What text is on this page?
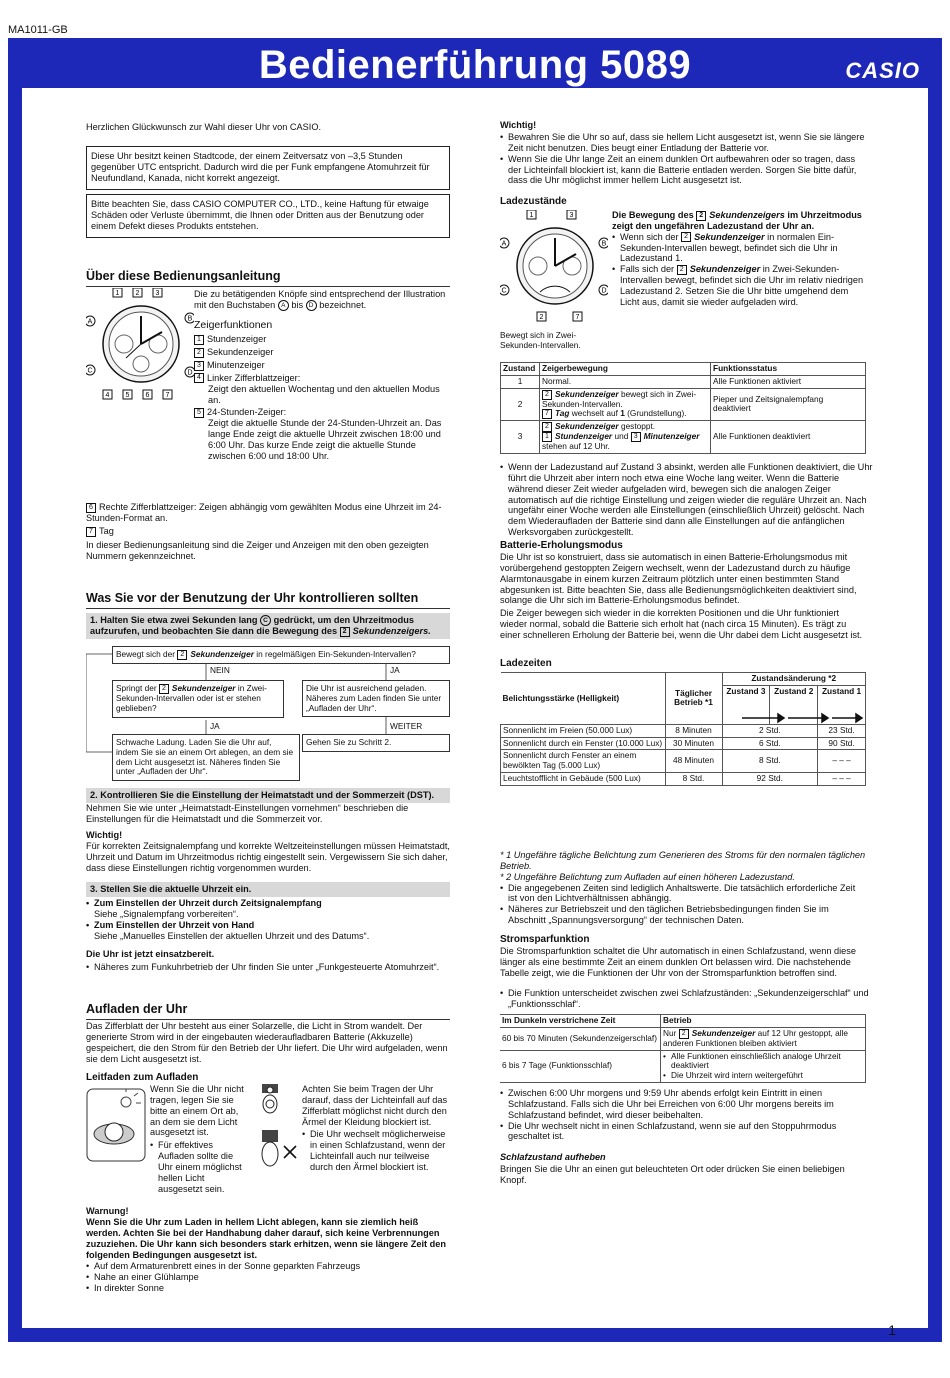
MA1011-GB
Bedienerführung 5089	CASIO

Herzlichen Glückwunsch zur Wahl dieser Uhr von CASIO.

Diese Uhr besitzt keinen Stadtcode, der einem Zeitversatz von –3,5 Stunden gegenüber UTC entspricht. Dadurch wird die per Funk empfangene Atomuhrzeit für Neufundland, Kanada, nicht korrekt angezeigt.

Bitte beachten Sie, dass CASIO COMPUTER CO., LTD., keine Haftung für etwaige Schäden oder Verluste übernimmt, die Ihnen oder Dritten aus der Benutzung oder einem Defekt dieses Produkts entstehen.

Über diese Bedienungsanleitung
1 2 3
A	B
C	D
4 5 6 7

Die zu betätigenden Knöpfe sind entsprechend der Illustration mit den Buchstaben A bis D bezeichnet.

Zeigerfunktionen

1 Stundenzeiger

2 Sekundenzeiger

3 Minutenzeiger

4 Linker Zifferblattzeiger:

Zeigt den aktuellen Wochentag und den aktuellen Modus an.

5 24-Stunden-Zeiger:

Zeigt die aktuelle Stunde der 24-Stunden-Uhrzeit an. Das lange Ende zeigt die aktuelle Uhrzeit zwischen 18:00 und 6:00 Uhr. Das kurze Ende zeigt die aktuelle Stunde zwischen 6:00 und 18:00 Uhr.

6 Rechte Zifferblattzeiger: Zeigen abhängig vom gewählten Modus eine Uhrzeit im 24-Stunden-Format an.

7 Tag

In dieser Bedienungsanleitung sind die Zeiger und Anzeigen mit den oben gezeigten Nummern gekennzeichnet.

Was Sie vor der Benutzung der Uhr kontrollieren sollten
1. Halten Sie etwa zwei Sekunden lang C gedrückt, um den Uhrzeitmodus aufzurufen, und beobachten Sie dann die Bewegung des 2 Sekundenzeigers.
Bewegt sich der 2 Sekundenzeiger in regelmäßigen Ein-Sekunden-Intervallen?

NEIN	JA

Springt der 2 Sekundenzeiger in Zwei-Sekunden-Intervallen oder ist er stehen geblieben?
Die Uhr ist ausreichend geladen. Näheres zum Laden finden Sie unter „Aufladen der Uhr“.

JA	WEITER

Schwache Ladung. Laden Sie die Uhr auf, indem Sie sie an einem Ort ablegen, an dem sie dem Licht ausgesetzt ist. Näheres finden Sie unter „Aufladen der Uhr“.
Gehen Sie zu Schritt 2.
2. Kontrollieren Sie die Einstellung der Heimatstadt und der Sommerzeit (DST).

Nehmen Sie wie unter „Heimatstadt-Einstellungen vornehmen“ beschrieben die Einstellungen für die Heimatstadt und die Sommerzeit vor.

Wichtig!

Für korrekten Zeitsignalempfang und korrekte Weltzeiteinstellungen müssen Heimatstadt, Uhrzeit und Datum im Uhrzeitmodus richtig eingestellt sein. Vergewissern Sie sich daher, dass diese Einstellungen richtig vorgenommen wurden.

3. Stellen Sie die aktuelle Uhrzeit ein.

• Zum Einstellen der Uhrzeit durch Zeitsignalempfang

Siehe „Signalempfang vorbereiten“.

• Zum Einstellen der Uhrzeit von Hand

Siehe „Manuelles Einstellen der aktuellen Uhrzeit und des Datums“.

Die Uhr ist jetzt einsatzbereit.

• Näheres zum Funkuhrbetrieb der Uhr finden Sie unter „Funkgesteuerte Atomuhrzeit“.

Aufladen der Uhr

Das Zifferblatt der Uhr besteht aus einer Solarzelle, die Licht in Strom wandelt. Der generierte Strom wird in der eingebauten wiederaufladbaren Batterie (Akkuzelle) gespeichert, die den Strom für den Betrieb der Uhr liefert. Die Uhr wird aufgeladen, wenn sie dem Licht ausgesetzt ist.

Leitfaden zum Aufladen

Wenn Sie die Uhr nicht tragen, legen Sie sie bitte an einem Ort ab, an dem sie dem Licht ausgesetzt ist.

• Für effektives Aufladen sollte die Uhr einem möglichst hellen Licht ausgesetzt sein.

Achten Sie beim Tragen der Uhr darauf, dass der Lichteinfall auf das Zifferblatt möglichst nicht durch den Ärmel der Kleidung blockiert ist.

• Die Uhr wechselt möglicherweise in einen Schlafzustand, wenn der Lichteinfall auch nur teilweise durch den Ärmel blockiert ist.

Warnung!

Wenn Sie die Uhr zum Laden in hellem Licht ablegen, kann sie ziemlich heiß werden. Achten Sie bei der Handhabung daher darauf, sich keine Verbrennungen zuzuziehen. Die Uhr kann sich besonders stark erhitzen, wenn sie längere Zeit den folgenden Bedingungen ausgesetzt ist.

• Auf dem Armaturenbrett eines in der Sonne geparkten Fahrzeugs

• Nahe an einer Glühlampe

• In direkter Sonne

Wichtig!

• Bewahren Sie die Uhr so auf, dass sie hellem Licht ausgesetzt ist, wenn Sie sie längere Zeit nicht benutzen. Dies beugt einer Entladung der Batterie vor.

• Wenn Sie die Uhr lange Zeit an einem dunklen Ort aufbewahren oder so tragen, dass der Lichteinfall blockiert ist, kann die Batterie entladen werden. Sorgen Sie bitte dafür, dass die Uhr möglichst immer hellem Licht ausgesetzt ist.

Ladezustände
1	3
A	B
C	D
2	7

Bewegt sich in Zwei-Sekunden-Intervallen.

Die Bewegung des 2 Sekundenzeigers im Uhrzeitmodus zeigt den ungefähren Ladezustand der Uhr an.

• Wenn sich der 2 Sekundenzeiger in normalen Ein-Sekunden-Intervallen bewegt, befindet sich die Uhr in Ladezustand 1.

• Falls sich der 2 Sekundenzeiger in Zwei-Sekunden-Intervallen bewegt, befindet sich die Uhr im relativ niedrigen Ladezustand 2. Setzen Sie die Uhr bitte umgehend dem Licht aus, damit sie wieder aufgeladen wird.

Zustand	Zeigerbewegung	Funktionsstatus
1	Normal.	Alle Funktionen aktiviert
2	2 Sekundenzeiger bewegt sich in Zwei-Sekunden-Intervallen.
7 Tag wechselt auf 1 (Grundstellung).	Pieper und Zeitsignalempfang deaktiviert
3	2 Sekundenzeiger gestoppt.
1 Stundenzeiger und 3 Minutenzeiger stehen auf 12 Uhr.	Alle Funktionen deaktiviert

• Wenn der Ladezustand auf Zustand 3 absinkt, werden alle Funktionen deaktiviert, die Uhr führt die Uhrzeit aber intern noch etwa eine Woche lang weiter. Wenn die Batterie während dieser Zeit wieder aufgeladen wird, bewegen sich die analogen Zeiger automatisch auf die richtige Einstellung und zeigen wieder die reguläre Uhrzeit an. Nach ungefähr einer Woche werden alle Einstellungen (einschließlich Uhrzeit) gelöscht. Nach dem Wiederaufladen der Batterie sind dann alle Einstellungen auf die anfänglichen Werksvorgaben zurückgestellt.

Batterie-Erholungsmodus

Die Uhr ist so konstruiert, dass sie automatisch in einen Batterie-Erholungsmodus mit vorübergehend gestoppten Zeigern wechselt, wenn der Ladezustand durch zu häufige Alarmtonausgabe in einem kurzen Zeitraum plötzlich unter einen bestimmten Stand abgesunken ist. Bitte beachten Sie, dass alle Bedienungsmöglichkeiten deaktiviert sind, solange die Uhr sich im Batterie-Erholungsmodus befindet.

Die Zeiger bewegen sich wieder in die korrekten Positionen und die Uhr funktioniert wieder normal, sobald die Batterie sich erholt hat (nach circa 15 Minuten). Es trägt zu einer schnelleren Erholung der Batterie bei, wenn die Uhr dabei dem Licht ausgesetzt ist.

Ladezeiten
Belichtungsstärke (Helligkeit)	Täglicher Betrieb *1	Zustandsänderung *2		
		Zustand 3	Zustand 2	Zustand 1
Sonnenlicht im Freien (50.000 Lux)	8 Minuten	2 Std.		23 Std.
Sonnenlicht durch ein Fenster (10.000 Lux)	30 Minuten	6 Std.		90 Std.
Sonnenlicht durch Fenster an einem bewölkten Tag (5.000 Lux)	48 Minuten	8 Std.		– – –
Leuchtstofflicht in Gebäude (500 Lux)	8 Std.	92 Std.		– – –

* 1 Ungefähre tägliche Belichtung zum Generieren des Stroms für den normalen täglichen Betrieb.

* 2 Ungefähre Belichtung zum Aufladen auf einen höheren Ladezustand.

• Die angegebenen Zeiten sind lediglich Anhaltswerte. Die tatsächlich erforderliche Zeit ist von den Lichtverhältnissen abhängig.

• Näheres zur Betriebszeit und den täglichen Betriebsbedingungen finden Sie im Abschnitt „Spannungsversorgung“ der technischen Daten.

Stromsparfunktion

Die Stromsparfunktion schaltet die Uhr automatisch in einen Schlafzustand, wenn diese länger als eine bestimmte Zeit an einem dunklen Ort belassen wird. Die nachstehende Tabelle zeigt, wie die Funktionen der Uhr von der Stromsparfunktion betroffen sind.

• Die Funktion unterscheidet zwischen zwei Schlafzuständen: „Sekundenzeigerschlaf“ und „Funktionsschlaf“.

Im Dunkeln verstrichene Zeit	Betrieb
60 bis 70 Minuten (Sekundenzeigerschlaf)	Nur 2 Sekundenzeiger auf 12 Uhr gestoppt, alle anderen Funktionen bleiben aktiviert
6 bis 7 Tage (Funktionsschlaf)	• Alle Funktionen einschließlich analoge Uhrzeit deaktiviert

• Die Uhrzeit wird intern weitergeführt

• Zwischen 6:00 Uhr morgens und 9:59 Uhr abends erfolgt kein Eintritt in einen Schlafzustand. Falls sich die Uhr bei Erreichen von 6:00 Uhr morgens bereits im Schlafzustand befindet, wird dieser beibehalten.

• Die Uhr wechselt nicht in einen Schlafzustand, wenn sie auf den Stoppuhrmodus geschaltet ist.

Schlafzustand aufheben

Bringen Sie die Uhr an einen gut beleuchteten Ort oder drücken Sie einen beliebigen Knopf.

1
